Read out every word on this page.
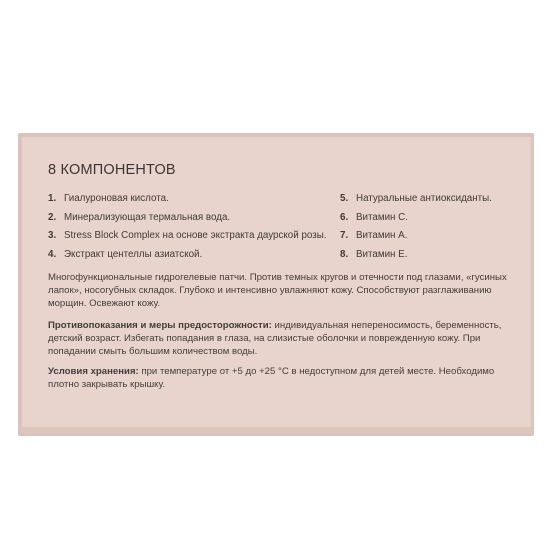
8 КОМПОНЕНТОВ
1. Гиалуроновая кислота.
2. Минерализующая термальная вода.
3. Stress Block Complex на основе экстракта даурской розы.
4. Экстракт центеллы азиатской.
5. Натуральные антиоксиданты.
6. Витамин С.
7. Витамин А.
8. Витамин Е.
Многофункциональные гидрогелевые патчи. Против темных кругов и отечности под глазами, «гусиных лапок», носогубных складок. Глубоко и интенсивно увлажняют кожу. Способствуют разглаживанию морщин. Освежают кожу.
Противопоказания и меры предосторожности: индивидуальная непереносимость, беременность, детский возраст. Избегать попадания в глаза, на слизистые оболочки и поврежденную кожу. При попадании смыть большим количеством воды.
Условия хранения: при температуре от +5 до +25 °С в недоступном для детей месте. Необходимо плотно закрывать крышку.
